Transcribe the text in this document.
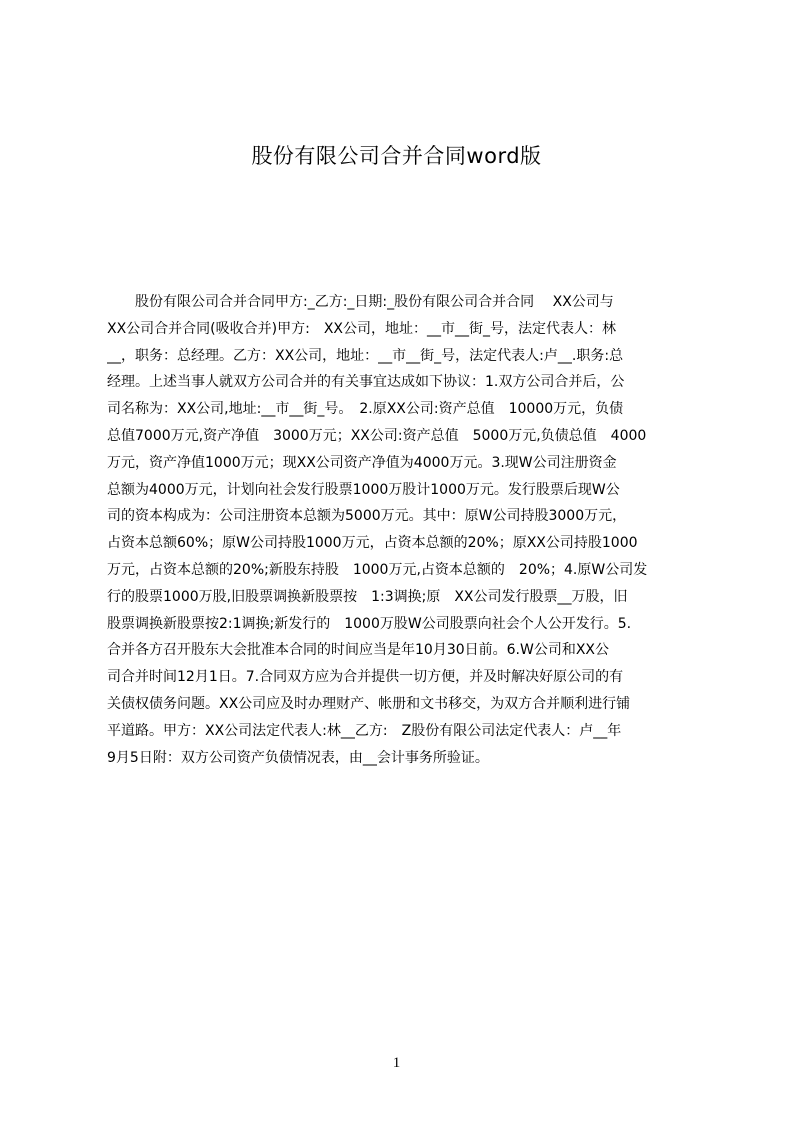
股份有限公司合并合同word版
　　股份有限公司合并合同甲方:_乙方:_日期:_股份有限公司合并合同　 XX公司与
XX公司合并合同(吸收合并)甲方:　XX公司，地址：__市__街_号，法定代表人：林
__，职务：总经理。乙方：XX公司，地址：__市__街_号，法定代表人:卢__.职务:总
经理。上述当事人就双方公司合并的有关事宜达成如下协议：1.双方公司合并后，公
司名称为：XX公司,地址:__市__街_号。　2.原XX公司:资产总值　10000万元，负债
总值7000万元,资产净值　3000万元；XX公司:资产总值　5000万元,负债总值　4000
万元，资产净值1000万元；现XX公司资产净值为4000万元。3.现W公司注册资金
总额为4000万元，计划向社会发行股票1000万股计1000万元。发行股票后现W公
司的资本构成为：公司注册资本总额为5000万元。其中：原W公司持股3000万元，
占资本总额60%；原W公司持股1000万元，占资本总额的20%；原XX公司持股1000
万元，占资本总额的20%;新股东持股　1000万元,占资本总额的　20%；4.原W公司发
行的股票1000万股,旧股票调换新股票按　1:3调换;原　XX公司发行股票__万股，旧
股票调换新股票按2:1调换;新发行的　1000万股W公司股票向社会个人公开发行。5.
合并各方召开股东大会批准本合同的时间应当是年10月30日前。6.W公司和XX公
司合并时间12月1日。7.合同双方应为合并提供一切方便，并及时解决好原公司的有
关债权债务问题。XX公司应及时办理财产、帐册和文书移交，为双方合并顺利进行铺
平道路。甲方：XX公司法定代表人:林__乙方:　Z股份有限公司法定代表人：卢__年
9月5日附：双方公司资产负债情况表，由__会计事务所验证。
1
